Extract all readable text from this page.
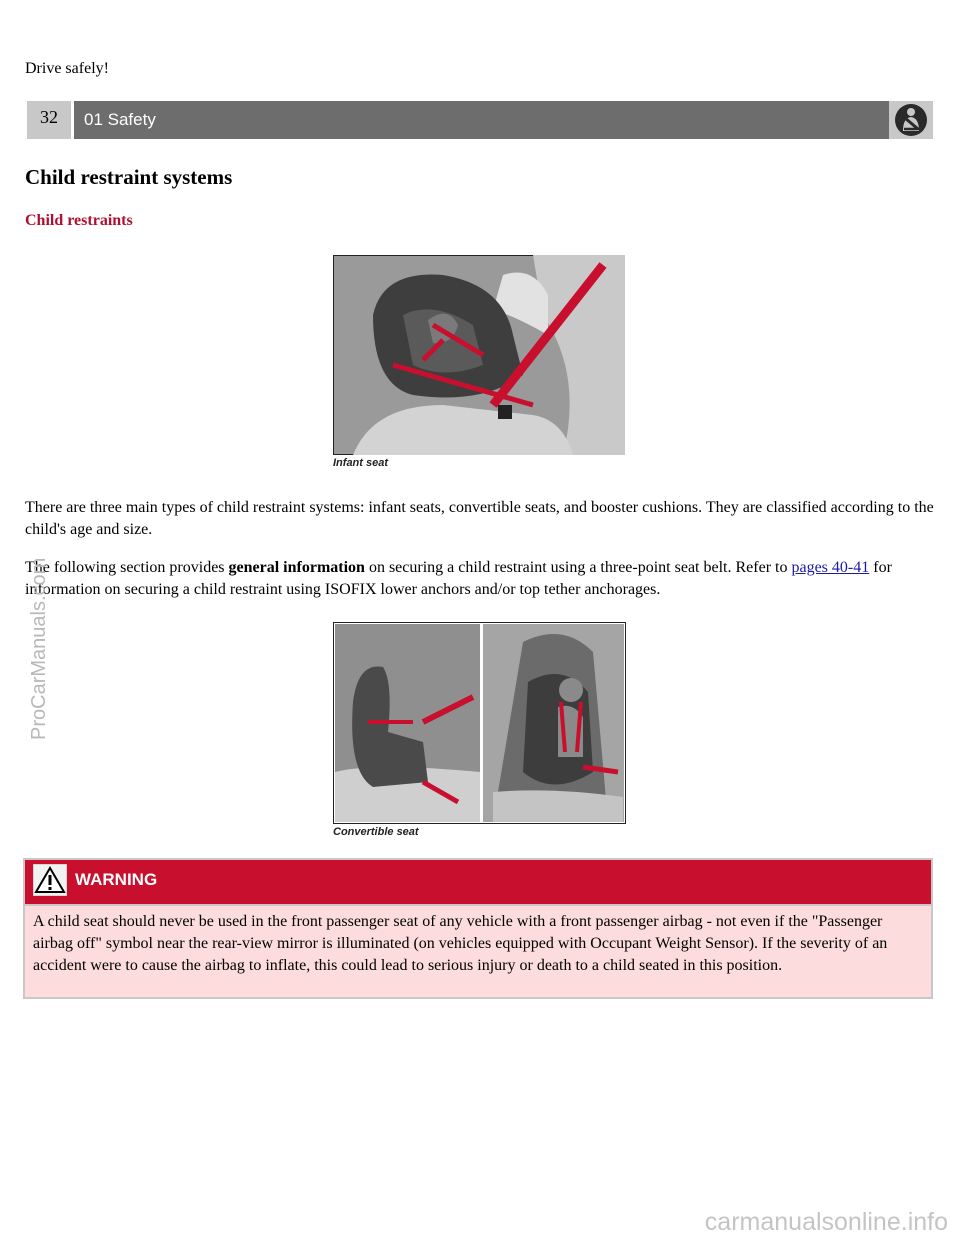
Drive safely!
32	01 Safety
Child restraint systems
Child restraints
Infant seat

There are three main types of child restraint systems: infant seats, convertible seats, and booster cushions. They are classified according to the child's age and size.

The following section provides general information on securing a child restraint using a three-point seat belt. Refer to pages 40-41 for information on securing a child restraint using ISOFIX lower anchors and/or top tether anchorages.

Convertible seat
WARNING

A child seat should never be used in the front passenger seat of any vehicle with a front passenger airbag - not even if the "Passenger airbag off" symbol near the rear-view mirror is illuminated (on vehicles equipped with Occupant Weight Sensor). If the severity of an accident were to cause the airbag to inflate, this could lead to serious injury or death to a child seated in this position.

ProCarManuals.com
carmanualsonline.info
